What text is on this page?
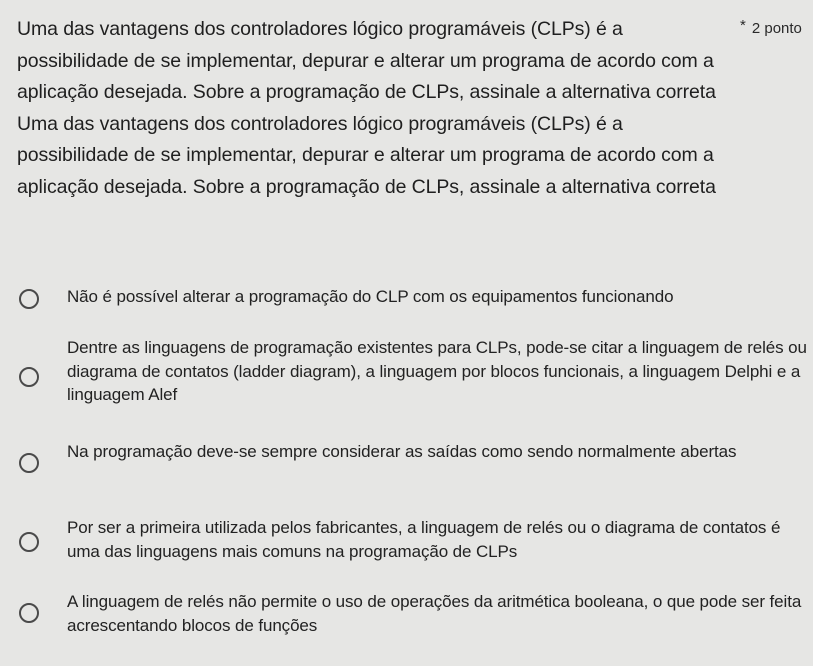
Uma das vantagens dos controladores lógico programáveis (CLPs) é a possibilidade de se implementar, depurar e alterar um programa de acordo com a aplicação desejada. Sobre a programação de CLPs, assinale a alternativa correta Uma das vantagens dos controladores lógico programáveis (CLPs) é a possibilidade de se implementar, depurar e alterar um programa de acordo com a aplicação desejada. Sobre a programação de CLPs, assinale a alternativa correta
* 2 ponto
Não é possível alterar a programação do CLP com os equipamentos funcionando
Dentre as linguagens de programação existentes para CLPs, pode-se citar a linguagem de relés ou diagrama de contatos (ladder diagram), a linguagem por blocos funcionais, a linguagem Delphi e a linguagem Alef
Na programação deve-se sempre considerar as saídas como sendo normalmente abertas
Por ser a primeira utilizada pelos fabricantes, a linguagem de relés ou o diagrama de contatos é uma das linguagens mais comuns na programação de CLPs
A linguagem de relés não permite o uso de operações da aritmética booleana, o que pode ser feita acrescentando blocos de funções
